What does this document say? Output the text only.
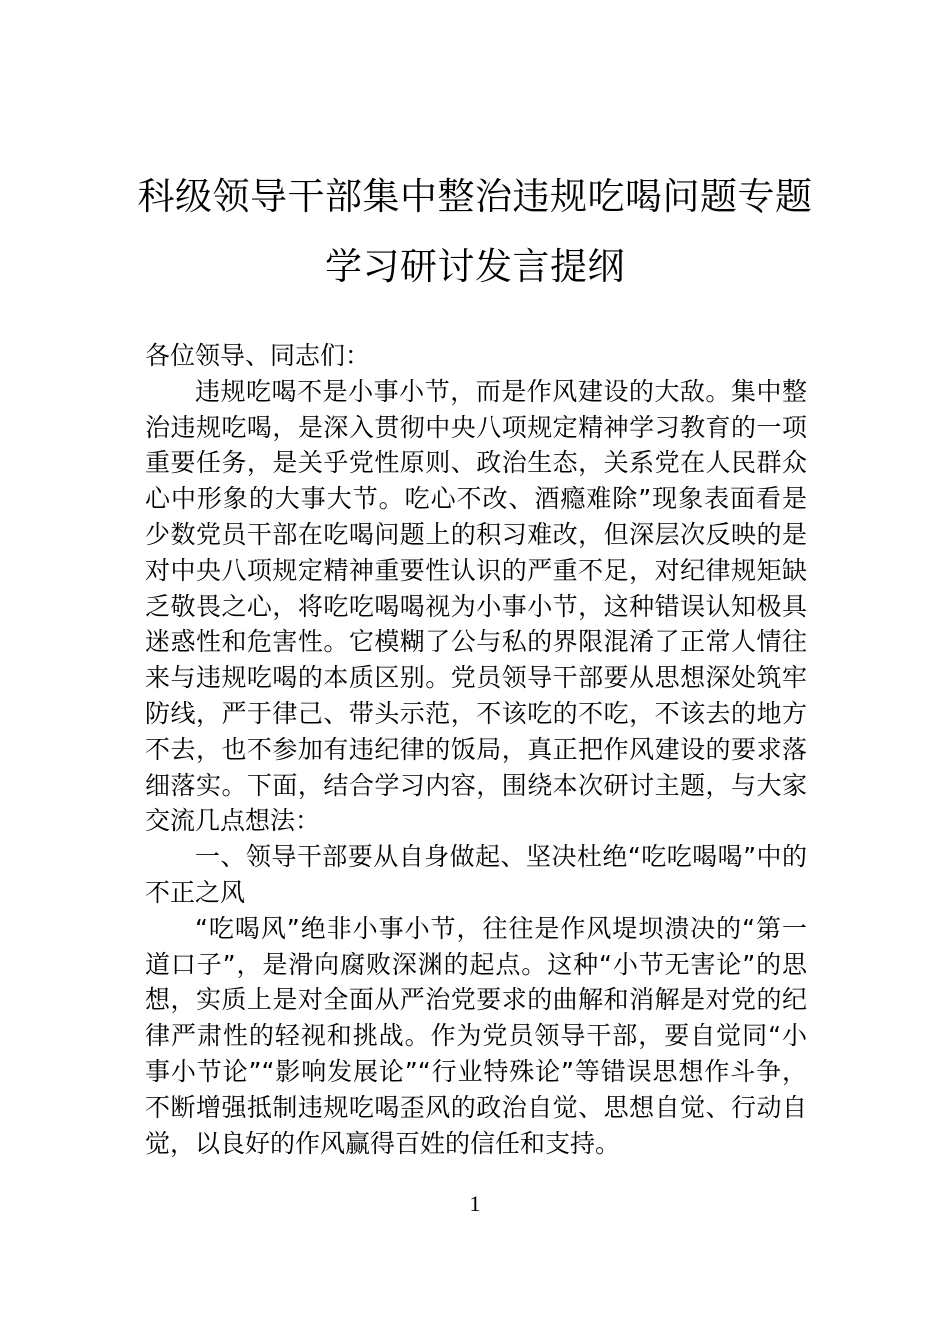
科级领导干部集中整治违规吃喝问题专题
学习研讨发言提纲

各位领导、同志们：

违规吃喝不是小事小节，而是作风建设的大敌。集中整治违规吃喝，是深入贯彻中央八项规定精神学习教育的一项重要任务，是关乎党性原则、政治生态，关系党在人民群众心中形象的大事大节。吃心不改、酒瘾难除”现象表面看是少数党员干部在吃喝问题上的积习难改，但深层次反映的是对中央八项规定精神重要性认识的严重不足，对纪律规矩缺乏敬畏之心，将吃吃喝喝视为小事小节，这种错误认知极具迷惑性和危害性。它模糊了公与私的界限混淆了正常人情往来与违规吃喝的本质区别。党员领导干部要从思想深处筑牢防线，严于律己、带头示范，不该吃的不吃，不该去的地方不去，也不参加有违纪律的饭局，真正把作风建设的要求落细落实。下面，结合学习内容，围绕本次研讨主题，与大家交流几点想法：

一、领导干部要从自身做起、坚决杜绝“吃吃喝喝”中的不正之风

“吃喝风”绝非小事小节，往往是作风堤坝溃决的“第一道口子”，是滑向腐败深渊的起点。这种“小节无害论”的思想，实质上是对全面从严治党要求的曲解和消解是对党的纪律严肃性的轻视和挑战。作为党员领导干部，要自觉同“小事小节论”“影响发展论”“行业特殊论”等错误思想作斗争，不断增强抵制违规吃喝歪风的政治自觉、思想自觉、行动自觉，以良好的作风赢得百姓的信任和支持。

1
